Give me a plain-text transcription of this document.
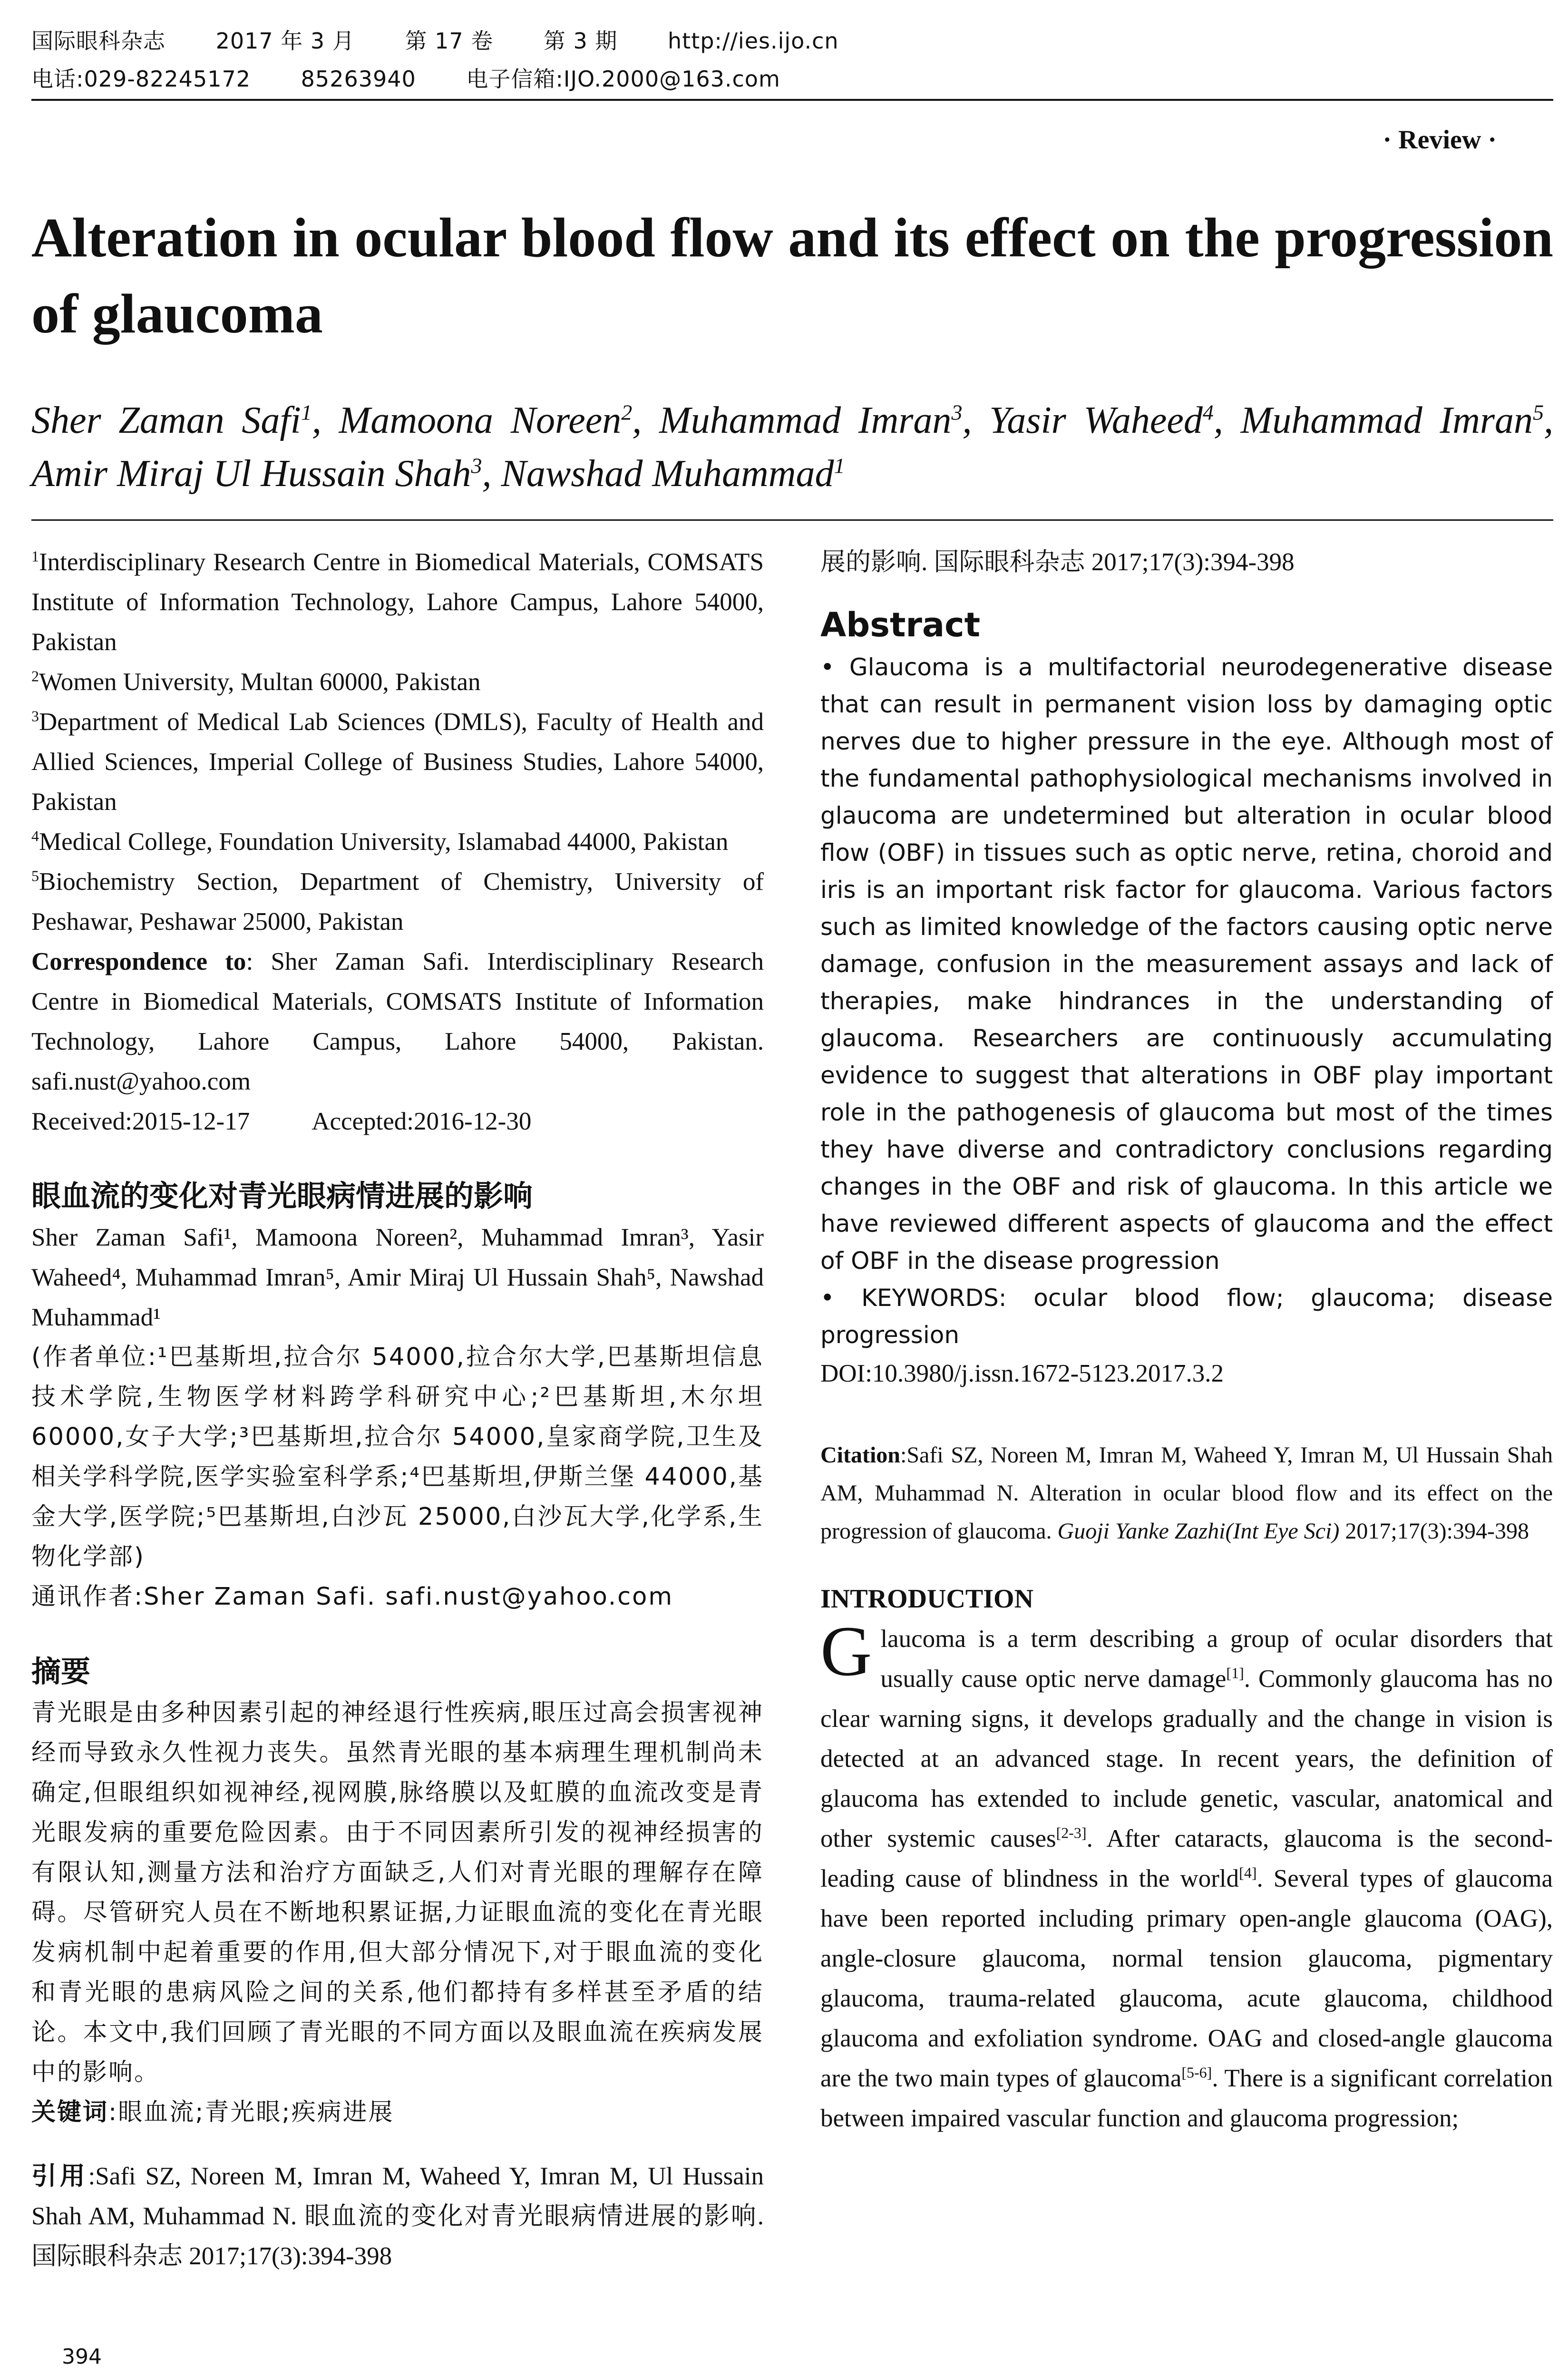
国际眼科杂志 2017 年 3 月 第 17 卷 第 3 期 http://ies.ijo.cn
电话:029-82245172 85263940 电子信箱:IJO.2000@163.com
· Review ·
Alteration in ocular blood flow and its effect on the progression of glaucoma
Sher Zaman Safi$^1$, Mamoona Noreen$^2$, Muhammad Imran$^3$, Yasir Waheed$^4$, Muhammad Imran$^5$, Amir Miraj Ul Hussain Shah$^3$, Nawshad Muhammad$^1$

$^1$Interdisciplinary Research Centre in Biomedical Materials, COMSATS Institute of Information Technology, Lahore Campus, Lahore 54000, Pakistan

$^2$Women University, Multan 60000, Pakistan

$^3$Department of Medical Lab Sciences (DMLS), Faculty of Health and Allied Sciences, Imperial College of Business Studies, Lahore 54000, Pakistan

$^4$Medical College, Foundation University, Islamabad 44000, Pakistan

$^5$Biochemistry Section, Department of Chemistry, University of Peshawar, Peshawar 25000, Pakistan

Correspondence to: Sher Zaman Safi. Interdisciplinary Research Centre in Biomedical Materials, COMSATS Institute of Information Technology, Lahore Campus, Lahore 54000, Pakistan. safi.nust@yahoo.com

Received:2015-12-17 Accepted:2016-12-30

眼血流的变化对青光眼病情进展的影响

Sher Zaman Safi¹, Mamoona Noreen², Muhammad Imran³, Yasir Waheed⁴, Muhammad Imran⁵, Amir Miraj Ul Hussain Shah⁵, Nawshad Muhammad¹

(作者单位:¹巴基斯坦,拉合尔 54000,拉合尔大学,巴基斯坦信息技术学院,生物医学材料跨学科研究中心;²巴基斯坦,木尔坦 60000,女子大学;³巴基斯坦,拉合尔 54000,皇家商学院,卫生及相关学科学院,医学实验室科学系;⁴巴基斯坦,伊斯兰堡 44000,基金大学,医学院;⁵巴基斯坦,白沙瓦 25000,白沙瓦大学,化学系,生物化学部)

通讯作者:Sher Zaman Safi. safi.nust@yahoo.com

摘要

青光眼是由多种因素引起的神经退行性疾病,眼压过高会损害视神经而导致永久性视力丧失。虽然青光眼的基本病理生理机制尚未确定,但眼组织如视神经,视网膜,脉络膜以及虹膜的血流改变是青光眼发病的重要危险因素。由于不同因素所引发的视神经损害的有限认知,测量方法和治疗方面缺乏,人们对青光眼的理解存在障碍。尽管研究人员在不断地积累证据,力证眼血流的变化在青光眼发病机制中起着重要的作用,但大部分情况下,对于眼血流的变化和青光眼的患病风险之间的关系,他们都持有多样甚至矛盾的结论。本文中,我们回顾了青光眼的不同方面以及眼血流在疾病发展中的影响。

关键词:眼血流;青光眼;疾病进展

引用:Safi SZ, Noreen M, Imran M, Waheed Y, Imran M, Ul Hussain Shah AM, Muhammad N. 眼血流的变化对青光眼病情进展的影响. 国际眼科杂志 2017;17(3):394-398

展的影响. 国际眼科杂志 2017;17(3):394-398

Abstract

• Glaucoma is a multifactorial neurodegenerative disease that can result in permanent vision loss by damaging optic nerves due to higher pressure in the eye. Although most of the fundamental pathophysiological mechanisms involved in glaucoma are undetermined but alteration in ocular blood flow (OBF) in tissues such as optic nerve, retina, choroid and iris is an important risk factor for glaucoma. Various factors such as limited knowledge of the factors causing optic nerve damage, confusion in the measurement assays and lack of therapies, make hindrances in the understanding of glaucoma. Researchers are continuously accumulating evidence to suggest that alterations in OBF play important role in the pathogenesis of glaucoma but most of the times they have diverse and contradictory conclusions regarding changes in the OBF and risk of glaucoma. In this article we have reviewed different aspects of glaucoma and the effect of OBF in the disease progression

• KEYWORDS: ocular blood flow; glaucoma; disease progression

DOI:10.3980/j.issn.1672-5123.2017.3.2

Citation:Safi SZ, Noreen M, Imran M, Waheed Y, Imran M, Ul Hussain Shah AM, Muhammad N. Alteration in ocular blood flow and its effect on the progression of glaucoma. Guoji Yanke Zazhi(Int Eye Sci) 2017;17(3):394-398

INTRODUCTION

Glaucoma is a term describing a group of ocular disorders that usually cause optic nerve damage[1]. Commonly glaucoma has no clear warning signs, it develops gradually and the change in vision is detected at an advanced stage. In recent years, the definition of glaucoma has extended to include genetic, vascular, anatomical and other systemic causes[2-3]. After cataracts, glaucoma is the second-leading cause of blindness in the world[4]. Several types of glaucoma have been reported including primary open-angle glaucoma (OAG), angle-closure glaucoma, normal tension glaucoma, pigmentary glaucoma, trauma-related glaucoma, acute glaucoma, childhood glaucoma and exfoliation syndrome. OAG and closed-angle glaucoma are the two main types of glaucoma[5-6]. There is a significant correlation between impaired vascular function and glaucoma progression;

394
